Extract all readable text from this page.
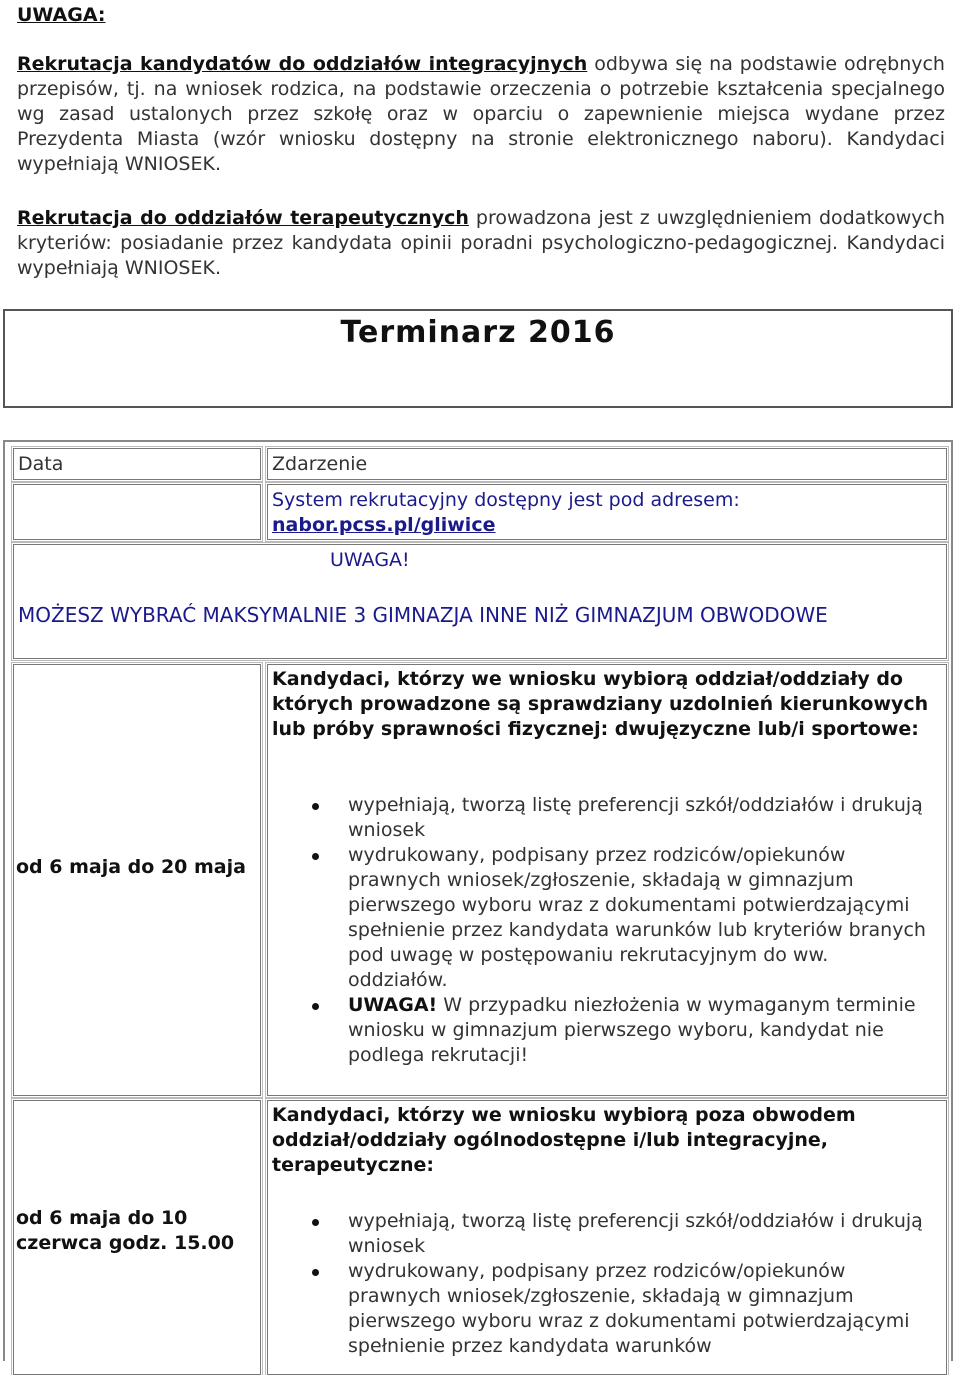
UWAGA:
Rekrutacja kandydatów do oddziałów integracyjnych odbywa się na podstawie odrębnych przepisów, tj. na wniosek rodzica, na podstawie orzeczenia o potrzebie kształcenia specjalnego wg zasad ustalonych przez szkołę oraz w oparciu o zapewnienie miejsca wydane przez Prezydenta Miasta (wzór wniosku dostępny na stronie elektronicznego naboru). Kandydaci wypełniają WNIOSEK.
Rekrutacja do oddziałów terapeutycznych prowadzona jest z uwzględnieniem dodatkowych kryteriów: posiadanie przez kandydata opinii poradni psychologiczno-pedagogicznej. Kandydaci wypełniają WNIOSEK.
Terminarz 2016
Data	Zdarzenie
System rekrutacyjny dostępny jest pod adresem:
nabor.pcss.pl/gliwice
UWAGA!
MOŻESZ WYBRAĆ MAKSYMALNIE 3 GIMNAZJA INNE NIŻ GIMNAZJUM OBWODOWE
od 6 maja do 20 maja
Kandydaci, którzy we wniosku wybiorą oddział/oddziały do których prowadzone są sprawdziany uzdolnień kierunkowych lub próby sprawności fizycznej: dwujęzyczne lub/i sportowe:
wypełniają, tworzą listę preferencji szkół/oddziałów i drukują wniosek
wydrukowany, podpisany przez rodziców/opiekunów prawnych wniosek/zgłoszenie, składają w gimnazjum pierwszego wyboru wraz z dokumentami potwierdzającymi spełnienie przez kandydata warunków lub kryteriów branych pod uwagę w postępowaniu rekrutacyjnym do ww. oddziałów.
UWAGA! W przypadku niezłożenia w wymaganym terminie wniosku w gimnazjum pierwszego wyboru, kandydat nie podlega rekrutacji!
od 6 maja do 10 czerwca godz. 15.00
Kandydaci, którzy we wniosku wybiorą poza obwodem oddział/oddziały ogólnodostępne i/lub integracyjne, terapeutyczne:
wypełniają, tworzą listę preferencji szkół/oddziałów i drukują wniosek
wydrukowany, podpisany przez rodziców/opiekunów prawnych wniosek/zgłoszenie, składają w gimnazjum pierwszego wyboru wraz z dokumentami potwierdzającymi spełnienie przez kandydata warunków
